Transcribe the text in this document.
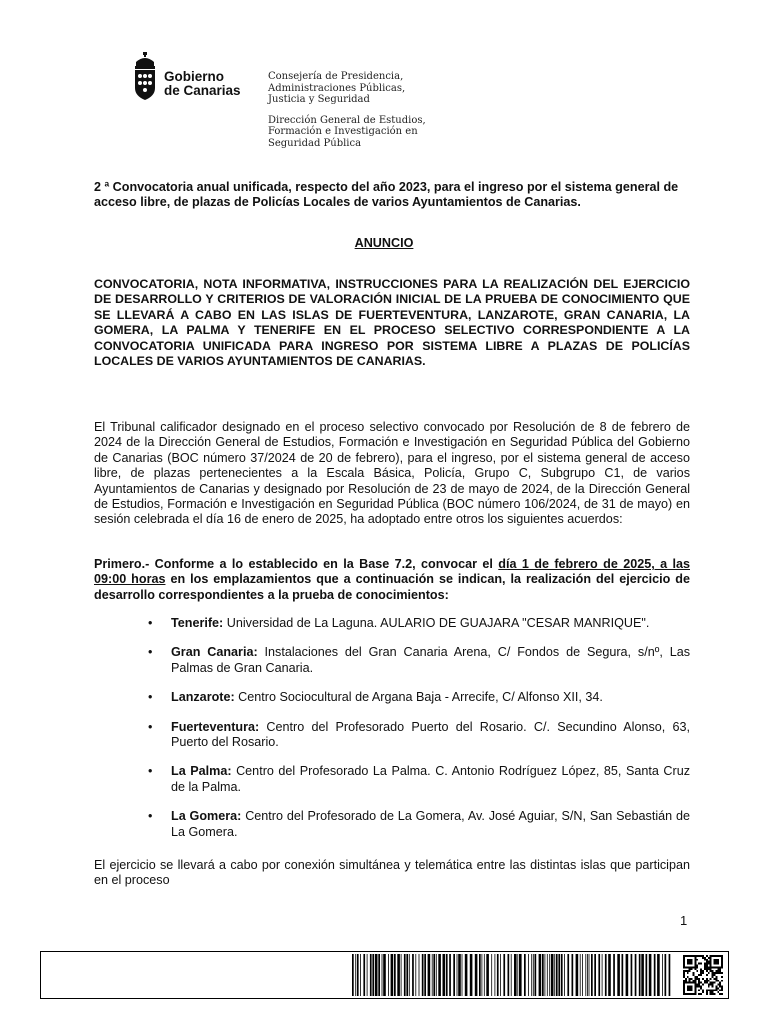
Gobierno
de Canarias

Consejería de Presidencia,

Administraciones Públicas,

Justicia y Seguridad

Dirección General de Estudios,

Formación e Investigación en

Seguridad Pública

2 ª Convocatoria anual unificada, respecto del año 2023, para el ingreso por el sistema general de acceso libre, de plazas de Policías Locales de varios Ayuntamientos de Canarias.
ANUNCIO
CONVOCATORIA, NOTA INFORMATIVA, INSTRUCCIONES PARA LA REALIZACIÓN DEL EJERCICIO DE DESARROLLO Y CRITERIOS DE VALORACIÓN INICIAL DE LA PRUEBA DE CONOCIMIENTO QUE SE LLEVARÁ A CABO EN LAS ISLAS DE FUERTEVENTURA, LANZAROTE, GRAN CANARIA, LA GOMERA, LA PALMA Y TENERIFE EN EL PROCESO SELECTIVO CORRESPONDIENTE A LA CONVOCATORIA UNIFICADA PARA INGRESO POR SISTEMA LIBRE A PLAZAS DE POLICÍAS LOCALES DE VARIOS AYUNTAMIENTOS DE CANARIAS.
El Tribunal calificador designado en el proceso selectivo convocado por Resolución de 8 de febrero de 2024 de la Dirección General de Estudios, Formación e Investigación en Seguridad Pública del Gobierno de Canarias (BOC número 37/2024 de 20 de febrero), para el ingreso, por el sistema general de acceso libre, de plazas pertenecientes a la Escala Básica, Policía, Grupo C, Subgrupo C1, de varios Ayuntamientos de Canarias y designado por Resolución de 23 de mayo de 2024, de la Dirección General de Estudios, Formación e Investigación en Seguridad Pública (BOC número 106/2024, de 31 de mayo) en sesión celebrada el día 16 de enero de 2025, ha adoptado entre otros los siguientes acuerdos:
Primero.- Conforme a lo establecido en la Base 7.2, convocar el día 1 de febrero de 2025, a las 09:00 horas en los emplazamientos que a continuación se indican, la realización del ejercicio de desarrollo correspondientes a la prueba de conocimientos:
• Tenerife: Universidad de La Laguna. AULARIO DE GUAJARA "CESAR MANRIQUE".
• Gran Canaria: Instalaciones del Gran Canaria Arena, C/ Fondos de Segura, s/nº, Las Palmas de Gran Canaria.
• Lanzarote: Centro Sociocultural de Argana Baja - Arrecife, C/ Alfonso XII, 34.
• Fuerteventura: Centro del Profesorado Puerto del Rosario. C/. Secundino Alonso, 63, Puerto del Rosario.
• La Palma: Centro del Profesorado La Palma. C. Antonio Rodríguez López, 85, Santa Cruz de la Palma.
• La Gomera: Centro del Profesorado de La Gomera, Av. José Aguiar, S/N, San Sebastián de La Gomera.
El ejercicio se llevará a cabo por conexión simultánea y telemática entre las distintas islas que participan en el proceso
1
